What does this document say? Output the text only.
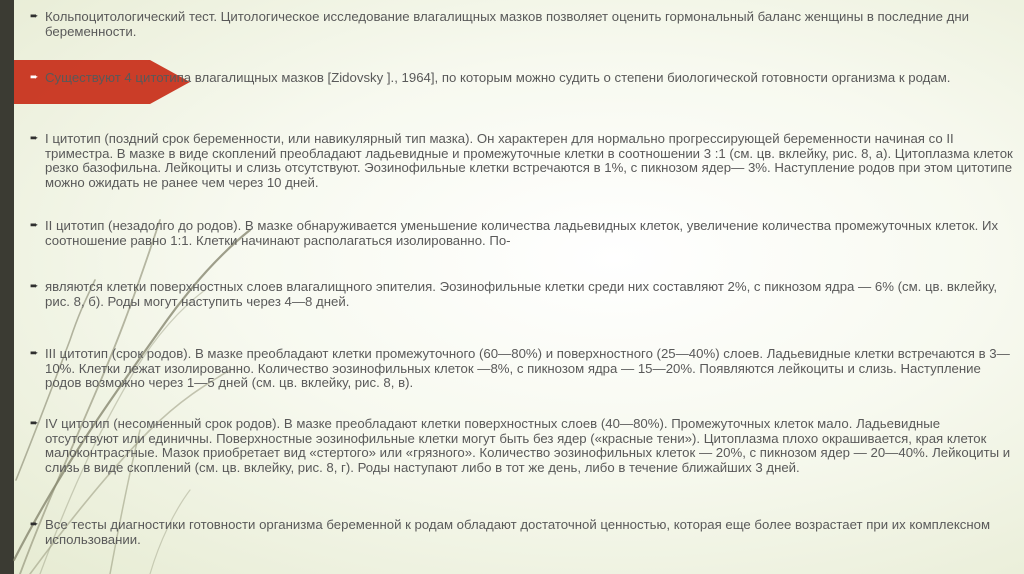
➨ Кольпоцитологический тест. Цитологическое исследование влагалищных мазков позволяет оценить гормональный баланс женщины в последние дни беременности.
➨ Существуют 4 цитотипа влагалищных мазков [Zidovsky ]., 1964], по которым можно судить о степени биологической готовности организма к родам.
➨ I цитотип (поздний срок беременности, или навикулярный тип мазка). Он характерен для нормально прогрессирующей беременности начиная со II триместра. В мазке в виде скоплений преобладают ладьевидные и промежуточные клетки в соотношении 3 :1 (см. цв. вклейку, рис. 8, а). Цитоплазма клеток резко базофильна. Лейкоциты и слизь отсутствуют. Эозинофильные клетки встречаются в 1%, с пикнозом ядер— 3%. Наступление родов при этом цитотипе можно ожидать не ранее чем через 10 дней.
➨ II цитотип (незадолго до родов). В мазке обнаруживается уменьшение количества ладьевидных клеток, увеличение количества промежуточных клеток. Их соотношение равно 1:1. Клетки начинают располагаться изолированно. По-
➨ являются клетки поверхностных слоев влагалищного эпителия. Эозинофильные клетки среди них составляют 2%, с пикнозом ядра — 6% (см. цв. вклейку, рис. 8, б). Роды могут наступить через 4—8 дней.
➨ III цитотип (срок родов). В мазке преобладают клетки промежуточного (60—80%) и поверхностного (25—40%) слоев. Ладьевидные клетки встречаются в 3—10%. Клетки лежат изолированно. Количество эозинофильных клеток —8%, с пикнозом ядра — 15—20%. Появляются лейкоциты и слизь. Наступление родов возможно через 1—5 дней (см. цв. вклейку, рис. 8, в).
➨ IV цитотип (несомненный срок родов). В мазке преобладают клетки поверхностных слоев (40—80%). Промежуточных клеток мало. Ладьевидные отсутствуют или единичны. Поверхностные эозинофильные клетки могут быть без ядер («красные тени»). Цитоплазма плохо окрашивается, края клеток малоконтрастные. Мазок приобретает вид «стертого» или «грязного». Количество эозинофильных клеток — 20%, с пикнозом ядер — 20—40%. Лейкоциты и слизь в виде скоплений (см. цв. вклейку, рис. 8, г). Роды наступают либо в тот же день, либо в течение ближайших 3 дней.
➨ Все тесты диагностики готовности организма беременной к родам обладают достаточной ценностью, которая еще более возрастает при их комплексном использовании.
